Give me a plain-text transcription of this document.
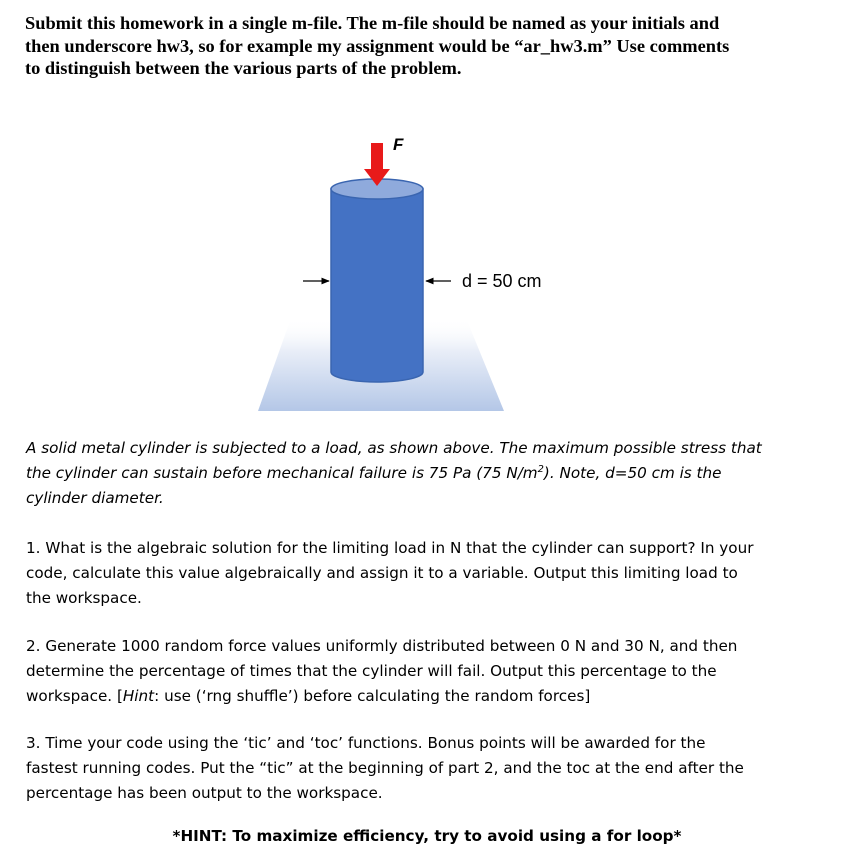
Submit this homework in a single m-file. The m-file should be named as your initials and
then underscore hw3, so for example my assignment would be “ar_hw3.m” Use comments
to distinguish between the various parts of the problem.
F
d = 50 cm
A solid metal cylinder is subjected to a load, as shown above. The maximum possible stress that
the cylinder can sustain before mechanical failure is 75 Pa (75 $N/m^2$). Note, d=50 cm is the
cylinder diameter.
1. What is the algebraic solution for the limiting load in N that the cylinder can support? In your
code, calculate this value algebraically and assign it to a variable. Output this limiting load to
the workspace.
2. Generate 1000 random force values uniformly distributed between 0 N and 30 N, and then
determine the percentage of times that the cylinder will fail. Output this percentage to the
workspace. [Hint: use (‘rng shuffle’) before calculating the random forces]
3. Time your code using the ‘tic’ and ‘toc’ functions. Bonus points will be awarded for the
fastest running codes. Put the “tic” at the beginning of part 2, and the toc at the end after the
percentage has been output to the workspace.
*HINT: To maximize efficiency, try to avoid using a for loop*
